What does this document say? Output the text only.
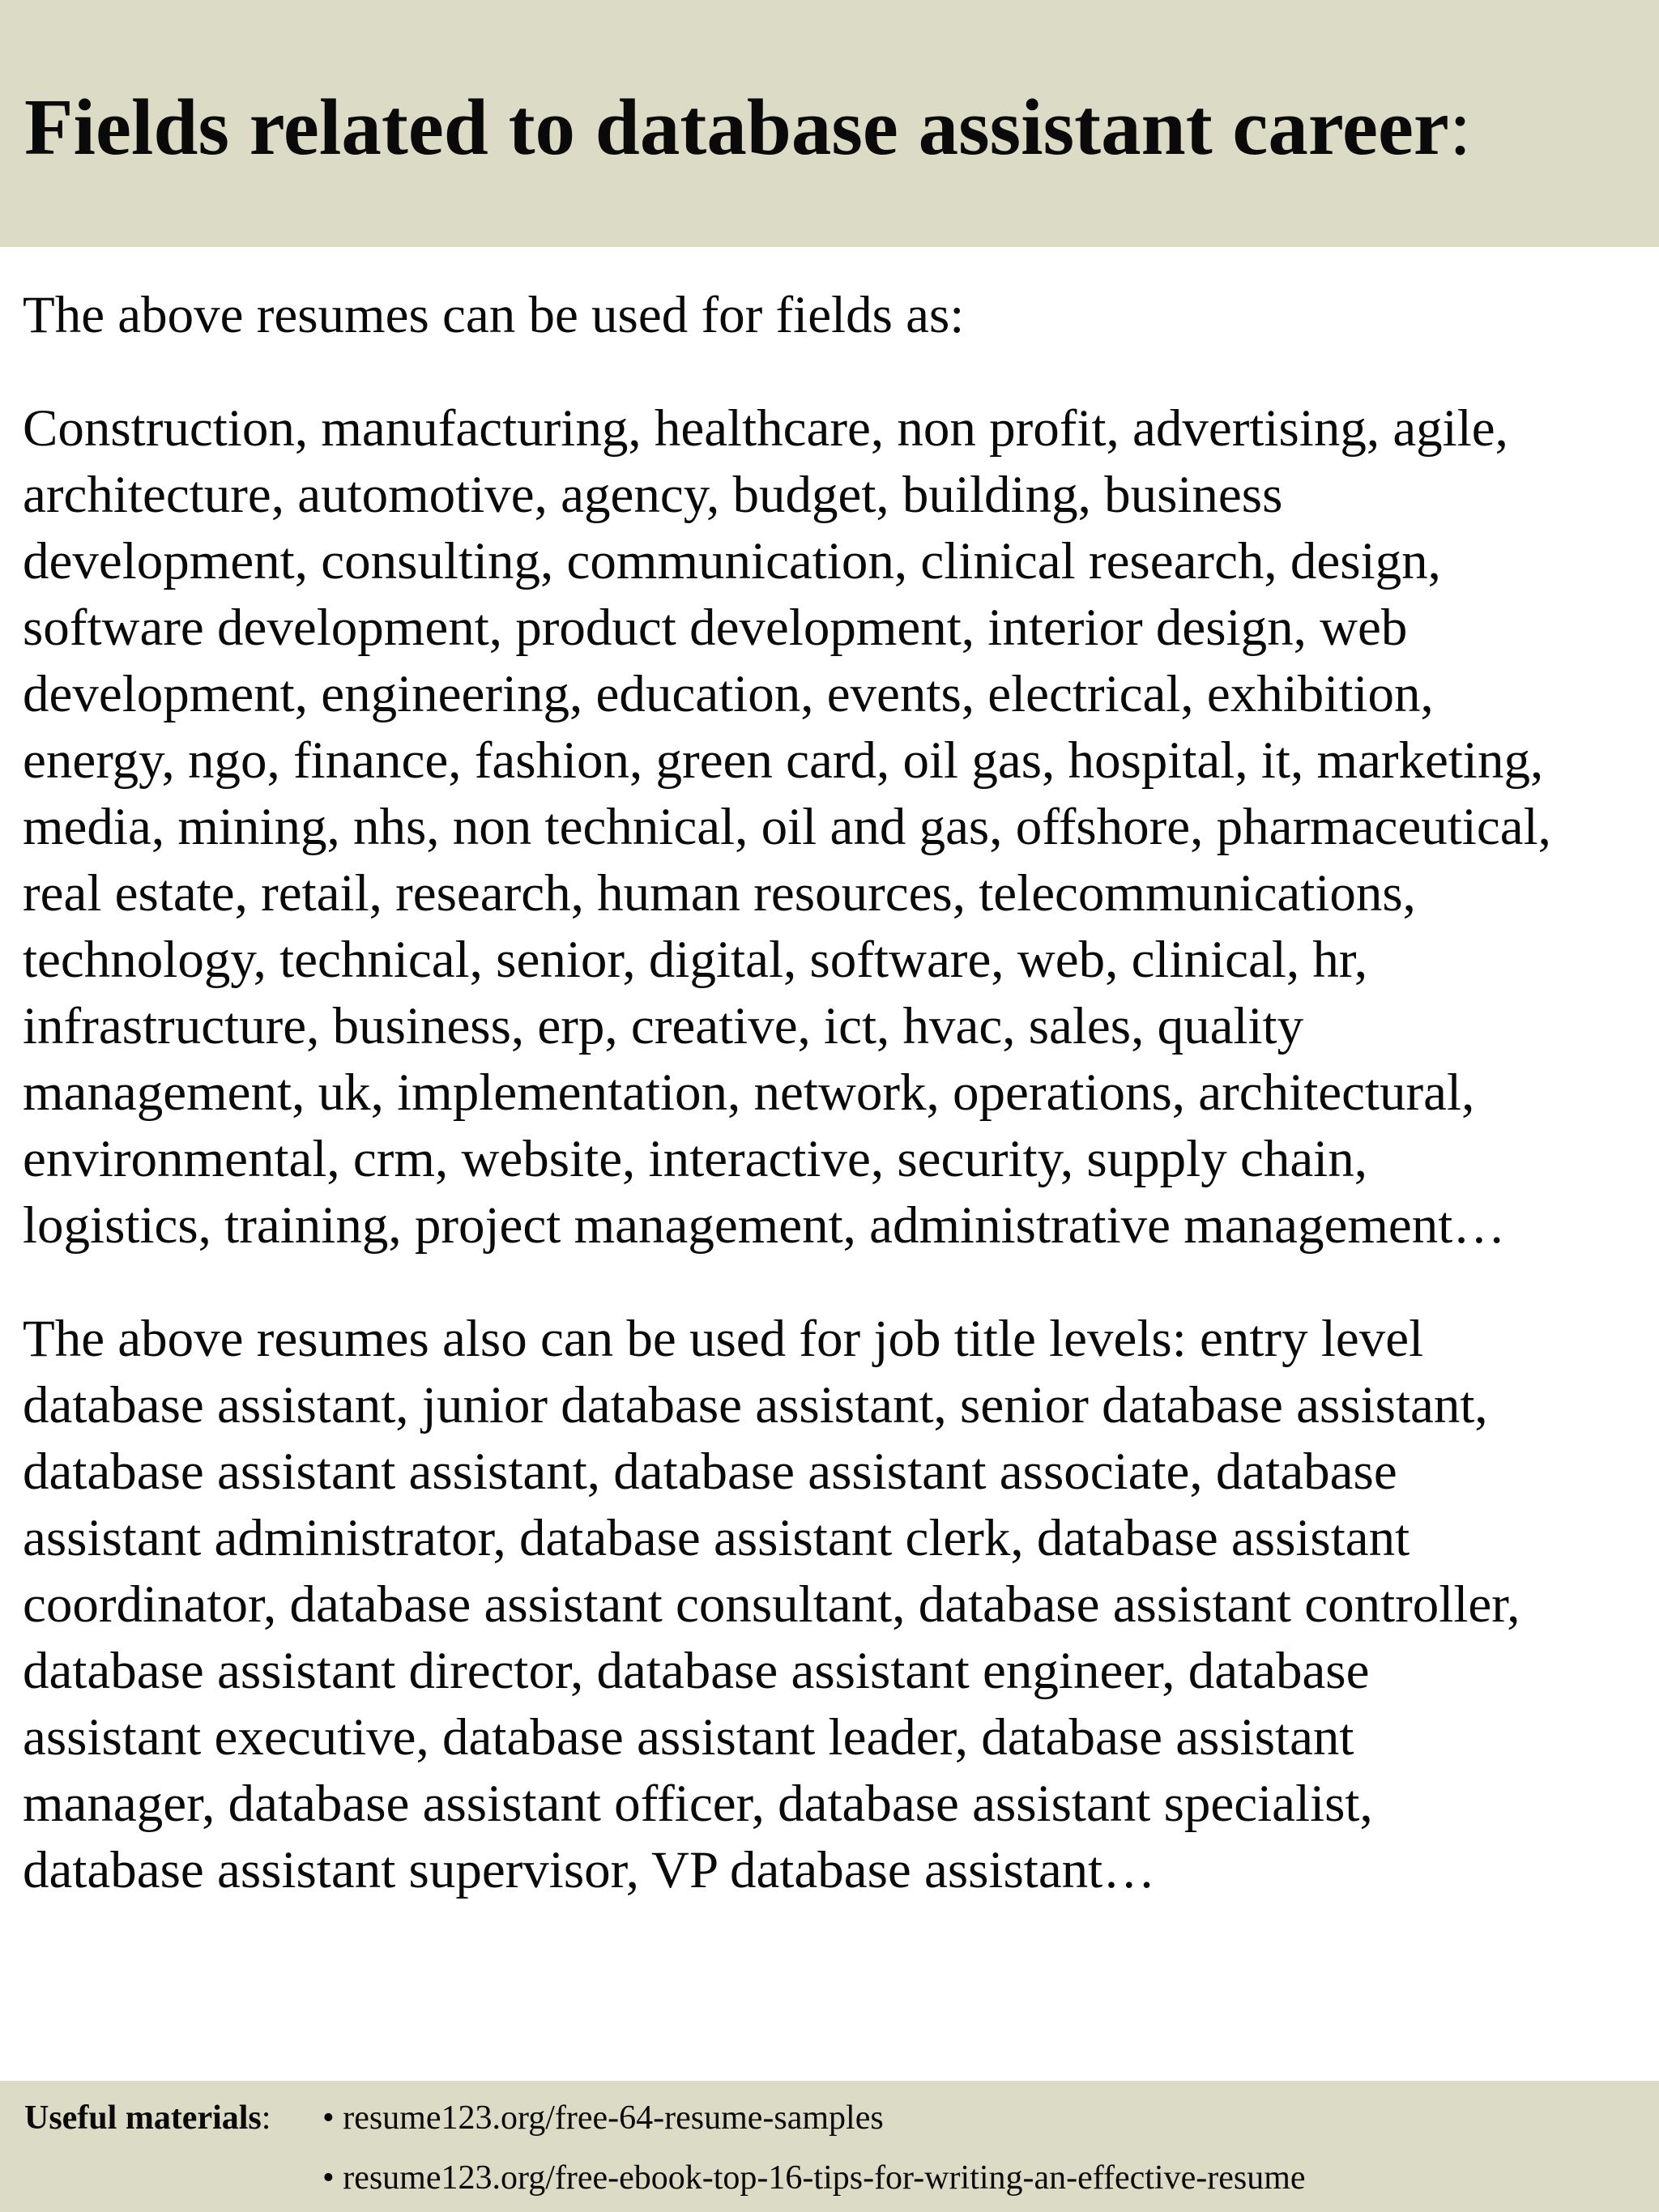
Fields related to database assistant career:

The above resumes can be used for fields as:

Construction, manufacturing, healthcare, non profit, advertising, agile,
architecture, automotive, agency, budget, building, business
development, consulting, communication, clinical research, design,
software development, product development, interior design, web
development, engineering, education, events, electrical, exhibition,
energy, ngo, finance, fashion, green card, oil gas, hospital, it, marketing,
media, mining, nhs, non technical, oil and gas, offshore, pharmaceutical,
real estate, retail, research, human resources, telecommunications,
technology, technical, senior, digital, software, web, clinical, hr,
infrastructure, business, erp, creative, ict, hvac, sales, quality
management, uk, implementation, network, operations, architectural,
environmental, crm, website, interactive, security, supply chain,
logistics, training, project management, administrative management…

The above resumes also can be used for job title levels: entry level
database assistant, junior database assistant, senior database assistant,
database assistant assistant, database assistant associate, database
assistant administrator, database assistant clerk, database assistant
coordinator, database assistant consultant, database assistant controller,
database assistant director, database assistant engineer, database
assistant executive, database assistant leader, database assistant
manager, database assistant officer, database assistant specialist,
database assistant supervisor, VP database assistant…

Useful materials: • resume123.org/free-64-resume-samples
• resume123.org/free-ebook-top-16-tips-for-writing-an-effective-resume
